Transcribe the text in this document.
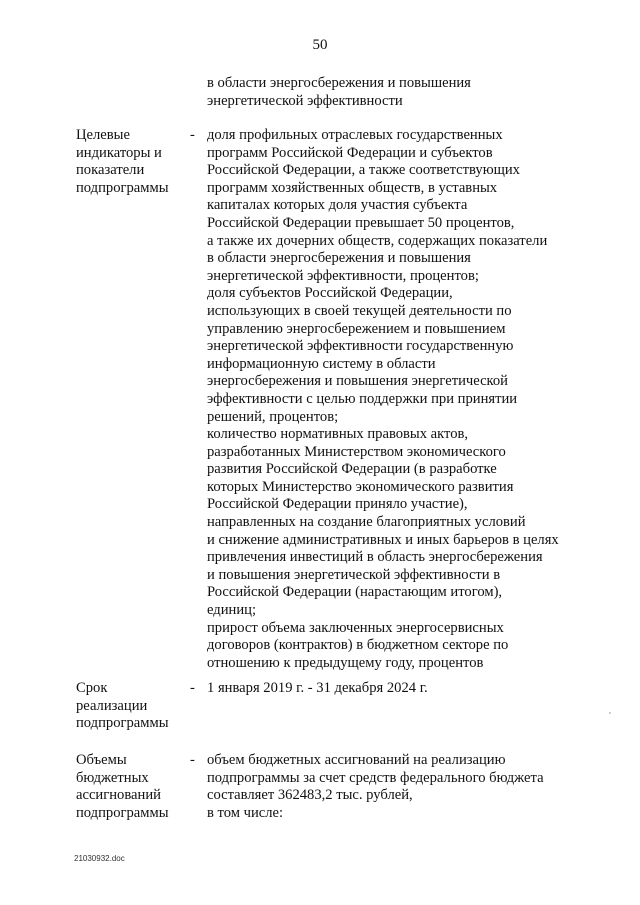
50
в области энергосбережения и повышения
энергетической эффективности
Целевые
индикаторы и
показатели
подпрограммы
- доля профильных отраслевых государственных
программ Российской Федерации и субъектов
Российской Федерации, а также соответствующих
программ хозяйственных обществ, в уставных
капиталах которых доля участия субъекта
Российской Федерации превышает 50 процентов,
а также их дочерних обществ, содержащих показатели
в области энергосбережения и повышения
энергетической эффективности, процентов;
доля субъектов Российской Федерации,
использующих в своей текущей деятельности по
управлению энергосбережением и повышением
энергетической эффективности государственную
информационную систему в области
энергосбережения и повышения энергетической
эффективности с целью поддержки при принятии
решений, процентов;
количество нормативных правовых актов,
разработанных Министерством экономического
развития Российской Федерации (в разработке
которых Министерство экономического развития
Российской Федерации приняло участие),
направленных на создание благоприятных условий
и снижение административных и иных барьеров в целях
привлечения инвестиций в область энергосбережения
и повышения энергетической эффективности в
Российской Федерации (нарастающим итогом),
единиц;
прирост объема заключенных энергосервисных
договоров (контрактов) в бюджетном секторе по
отношению к предыдущему году, процентов
Срок
реализации
подпрограммы
- 1 января 2019 г. - 31 декабря 2024 г.
Объемы
бюджетных
ассигнований
подпрограммы
- объем бюджетных ассигнований на реализацию
подпрограммы за счет средств федерального бюджета
составляет 362483,2 тыс. рублей,
в том числе:
21030932.doc
